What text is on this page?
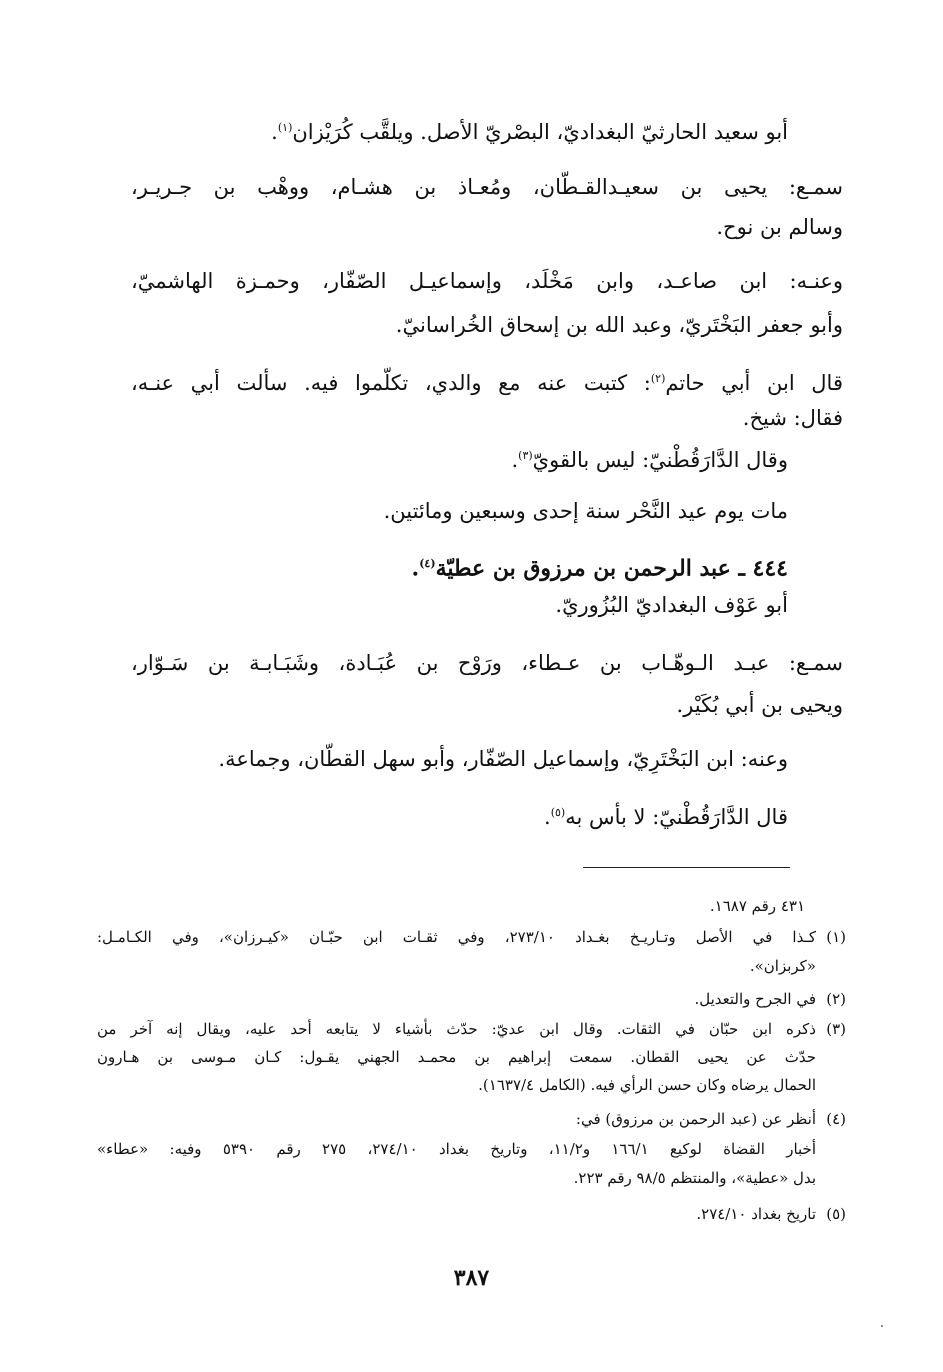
أبو سعيد الحارثيّ البغداديّ، البصْريّ الأصل. ويلقَّب كُرَيْزان$^{(١)}$.
سمـع: يحيى بن سعيـدالقـطّان، ومُعـاذ بن هشـام، ووهْب بن جـريـر،
وسالم بن نوح.
وعنـه: ابن صاعـد، وابن مَخْلَد، وإسماعيـل الصّفّار، وحمـزة الهاشميّ،
وأبو جعفر البَخْتَريّ، وعبد الله بن إسحاق الخُراسانيّ.
قال ابن أبي حاتم$^{(٢)}$: كتبت عنه مع والدي، تكلّموا فيه. سألت أبي عنـه،
فقال: شيخ.
وقال الدَّارَقُطْنيّ: ليس بالقويّ$^{(٣)}$.
مات يوم عيد النَّحْر سنة إحدى وسبعين ومائتين.
٤٤٤ ـ عبد الرحمن بن مرزوق بن عطيّة$^{(٤)}$.
أبو عَوْف البغداديّ البُزُوريّ.
سمـع: عبـد الـوهّـاب بن عـطاء، ورَوْح بن عُبَـادة، وشَبَـابـة بن سَـوّار،
ويحيى بن أبي بُكَيْر.
وعنه: ابن البَخْتَرِيّ، وإسماعيل الصّفّار، وأبو سهل القطّان، وجماعة.
قال الدَّارَقُطْنيّ: لا بأس به$^{(٥)}$.
٤٣١ رقم ١٦٨٧.
(١)كـذا في الأصل وتـاريـخ بغـداد ٢٧٣/١٠، وفي ثقـات ابن حبّـان «كيـرزان»، وفي الكـامـل:
«كربزان».
(٢)في الجرح والتعديل.
(٣)ذكره ابن حبّان في الثقات. وقال ابن عديّ: حدّث بأشياء لا يتابعه أحد عليه، ويقال إنه آخر من
حدّث عن يحيى القطان. سمعت إبراهيم بن محمـد الجهني يقـول: كـان مـوسى بن هـارون
الحمال يرضاه وكان حسن الرأي فيه. (الكامل ١٦٣٧/٤).
(٤)أنظر عن (عبد الرحمن بن مرزوق) في:
أخبار القضاة لوكيع ١٦٦/١ و١١/٢، وتاريخ بغداد ٢٧٤/١٠، ٢٧٥ رقم ٥٣٩٠ وفيه: «عطاء»
بدل «عطية»، والمنتظم ٩٨/٥ رقم ٢٢٣.
(٥)تاريخ بغداد ٢٧٤/١٠.
٣٨٧
